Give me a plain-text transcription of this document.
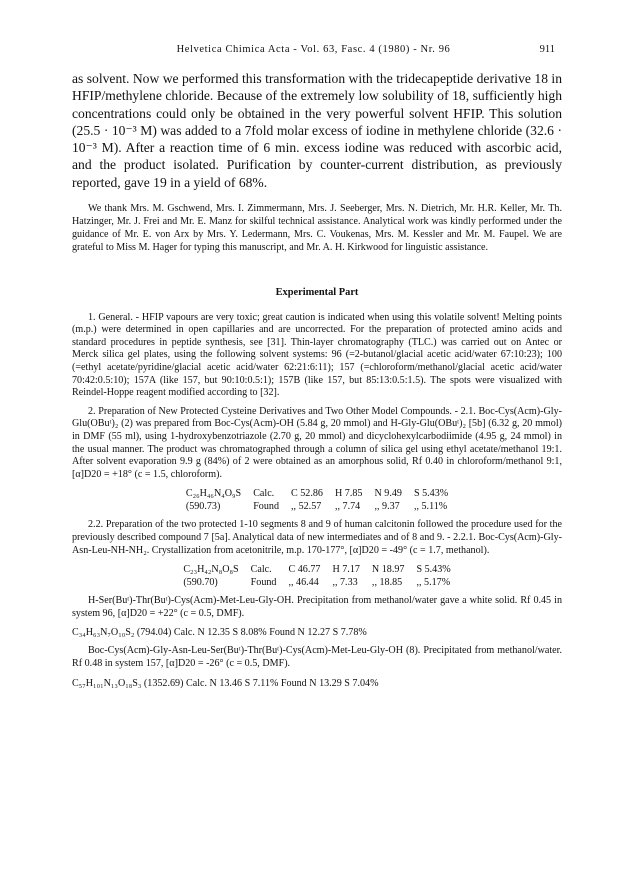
Helvetica Chimica Acta - Vol. 63, Fasc. 4 (1980) - Nr. 96	911

as solvent. Now we performed this transformation with the tridecapeptide derivative 18 in HFIP/methylene chloride. Because of the extremely low solubility of 18, sufficiently high concentrations could only be obtained in the very powerful solvent HFIP. This solution (25.5 · 10⁻³ M) was added to a 7fold molar excess of iodine in methylene chloride (32.6 · 10⁻³ M). After a reaction time of 6 min. excess iodine was reduced with ascorbic acid, and the product isolated. Purification by counter-current distribution, as previously reported, gave 19 in a yield of 68%.

We thank Mrs. M. Gschwend, Mrs. I. Zimmermann, Mrs. J. Seeberger, Mrs. N. Dietrich, Mr. H.R. Keller, Mr. Th. Hatzinger, Mr. J. Frei and Mr. E. Manz for skilful technical assistance. Analytical work was kindly performed under the guidance of Mr. E. von Arx by Mrs. Y. Ledermann, Mrs. C. Voukenas, Mrs. M. Kessler and Mr. M. Faupel. We are grateful to Miss M. Hager for typing this manuscript, and Mr. A. H. Kirkwood for linguistic assistance.

Experimental Part

1. General. - HFIP vapours are very toxic; great caution is indicated when using this volatile solvent! Melting points (m.p.) were determined in open capillaries and are uncorrected. For the preparation of protected amino acids and standard procedures in peptide synthesis, see [31]. Thin-layer chromatography (TLC.) was carried out on Antec or Merck silica gel plates, using the following solvent systems: 96 (=2-butanol/glacial acetic acid/water 67:10:23); 100 (=ethyl acetate/pyridine/glacial acetic acid/water 62:21:6:11); 157 (=chloroform/methanol/glacial acetic acid/water 70:42:0.5:10); 157A (like 157, but 90:10:0.5:1); 157B (like 157, but 85:13:0.5:1.5). The spots were visualized with Reindel-Hoppe reagent modified according to [32].

2. Preparation of New Protected Cysteine Derivatives and Two Other Model Compounds. - 2.1. Boc-Cys(Acm)-Gly-Glu(OBuᵗ)₂ (2) was prepared from Boc-Cys(Acm)-OH (5.84 g, 20 mmol) and H-Gly-Glu(OBuᵗ)₂ [5b] (6.32 g, 20 mmol) in DMF (55 ml), using 1-hydroxybenzotriazole (2.70 g, 20 mmol) and dicyclohexylcarbodiimide (4.95 g, 24 mmol) in the usual manner. The product was chromatographed through a column of silica gel using ethyl acetate/methanol 19:1. After solvent evaporation 9.9 g (84%) of 2 were obtained as an amorphous solid, Rf 0.40 in chloroform/methanol 9:1, [α]D20 = +18° (c = 1.5, chloroform).

C₂₆H₄₆N₄O₉S	Calc.	C 52.86	H 7.85	N 9.49	S 5.43%
(590.73)	Found	,, 52.57	,, 7.74	,, 9.37	,, 5.11%

2.2. Preparation of the two protected 1-10 segments 8 and 9 of human calcitonin followed the procedure used for the previously described compound 7 [5a]. Analytical data of new intermediates and of 8 and 9. - 2.2.1. Boc-Cys(Acm)-Gly-Asn-Leu-NH-NH₂. Crystallization from acetonitrile, m.p. 170-177°, [α]D20 = -49° (c = 1.7, methanol).

C₂₃H₄₂N₈O₈S	Calc.	C 46.77	H 7.17	N 18.97	S 5.43%
(590.70)	Found	,, 46.44	,, 7.33	,, 18.85	,, 5.17%

H-Ser(Buᵗ)-Thr(Buᵗ)-Cys(Acm)-Met-Leu-Gly-OH. Precipitation from methanol/water gave a white solid. Rf 0.45 in system 96, [α]D20 = +22° (c = 0.5, DMF).

C₃₄H₆₃N₇O₁₀S₂ (794.04) Calc. N 12.35 S 8.08% Found N 12.27 S 7.78%

Boc-Cys(Acm)-Gly-Asn-Leu-Ser(Buᵗ)-Thr(Buᵗ)-Cys(Acm)-Met-Leu-Gly-OH (8). Precipitated from methanol/water. Rf 0.48 in system 157, [α]D20 = -26° (c = 0.5, DMF).

C₅₇H₁₀₁N₁₃O₁₈S₃ (1352.69) Calc. N 13.46 S 7.11% Found N 13.29 S 7.04%
